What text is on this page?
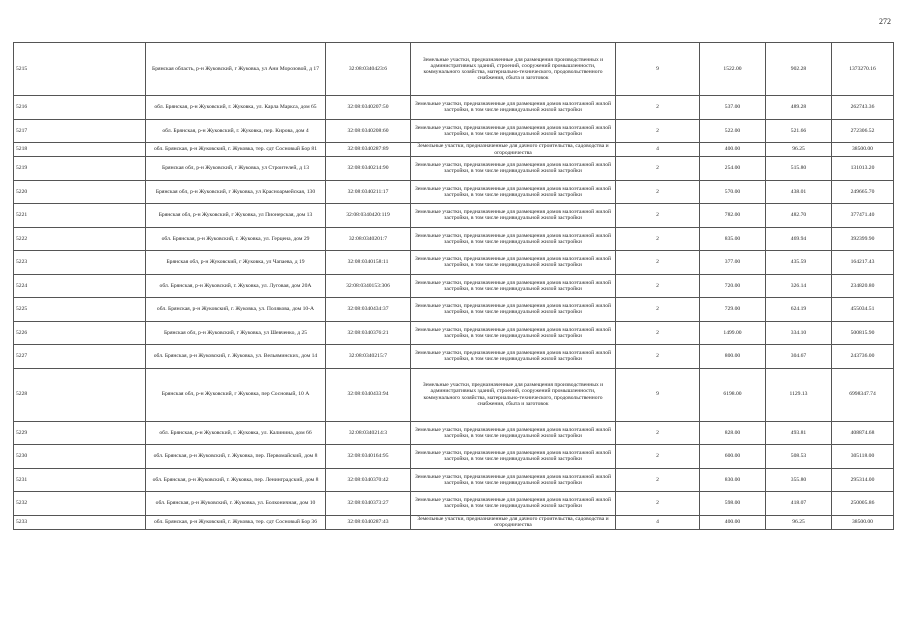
272
5215	Брянская область, р-н Жуковский, г Жуковка, ул Ани Морозовой, д 17	32:08:0340423:6	Земельные участки, предназначенные для размещения производственных и административных зданий, строений, сооружений промышленности, коммунального хозяйства, материально-технического, продовольственного снабжения, сбыта и заготовок	9	1522.00	902.28	1373270.16
5216	обл. Брянская, р-н Жуковский, г. Жуковка, ул. Карла Маркса, дом 65	32:08:0340207:50	Земельные участки, предназначенные для размещения домов малоэтажной жилой застройки, в том числе индивидуальной жилой застройки	2	537.00	489.28	262743.36
5217	обл. Брянская, р-н Жуковский, г. Жуковка, пер. Кирова, дом 4	32:08:0340208:60	Земельные участки, предназначенные для размещения домов малоэтажной жилой застройки, в том числе индивидуальной жилой застройки	2	522.00	521.66	272306.52
5218	обл. Брянская, р-н Жуковский, г. Жуковка, тер. сдт Сосновый Бор 81	32:08:0340287:89	Земельные участки, предназначенные для дачного строительства, садоводства и огородничества	4	400.00	96.25	38500.00
5219	Брянская обл, р-н Жуковский, г Жуковка, ул Строителей, д 13	32:08:0340214:90	Земельные участки, предназначенные для размещения домов малоэтажной жилой застройки, в том числе индивидуальной жилой застройки	2	254.00	515.80	131013.20
5220	Брянская обл, р-н Жуковский, г Жуковка, ул Красноармейская, 130	32:08:0340211:17	Земельные участки, предназначенные для размещения домов малоэтажной жилой застройки, в том числе индивидуальной жилой застройки	2	570.00	438.01	249665.70
5221	Брянская обл, р-н Жуковский, г Жуковка, ул Пионерская, дом 13	32:08:0340420:119	Земельные участки, предназначенные для размещения домов малоэтажной жилой застройки, в том числе индивидуальной жилой застройки	2	782.00	482.70	377471.40
5222	обл. Брянская, р-н Жуковский, г. Жуковка, ул. Герцена, дом 29	32:08:0340201:7	Земельные участки, предназначенные для размещения домов малоэтажной жилой застройки, в том числе индивидуальной жилой застройки	2	835.00	469.94	392399.90
5223	Брянская обл, р-н Жуковский, г Жуковка, ул Чапаева, д 19	32:08:0340158:11	Земельные участки, предназначенные для размещения домов малоэтажной жилой застройки, в том числе индивидуальной жилой застройки	2	377.00	435.59	164217.43
5224	обл. Брянская, р-н Жуковский, г. Жуковка, ул. Луговая, дом 20А	32:08:0340153:306	Земельные участки, предназначенные для размещения домов малоэтажной жилой застройки, в том числе индивидуальной жилой застройки	2	720.00	326.14	234820.80
5225	обл. Брянская, р-н Жуковский, г. Жуковка, ул. Полякова, дом 10-А	32:08:0340434:37	Земельные участки, предназначенные для размещения домов малоэтажной жилой застройки, в том числе индивидуальной жилой застройки	2	729.00	624.19	455034.51
5226	Брянская обл, р-н Жуковский, г Жуковка, ул Шевченко, д 25	32:08:0340376:21	Земельные участки, предназначенные для размещения домов малоэтажной жилой застройки, в том числе индивидуальной жилой застройки	2	1499.00	334.10	500815.90
5227	обл. Брянская, р-н Жуковский, г. Жуковка, ул. Вельяминских, дом 14	32:08:0340215:7	Земельные участки, предназначенные для размещения домов малоэтажной жилой застройки, в том числе индивидуальной жилой застройки	2	800.00	304.67	243736.00
5228	Брянская обл, р-н Жуковский, г Жуковка, пер Сосновый, 10 А	32:08:0340433:94	Земельные участки, предназначенные для размещения производственных и административных зданий, строений, сооружений промышленности, коммунального хозяйства, материально-технического, продовольственного снабжения, сбыта и заготовок	9	6198.00	1129.13	6998347.74
5229	обл. Брянская, р-н Жуковский, г. Жуковка, ул. Калинина, дом 66	32:08:0340214:3	Земельные участки, предназначенные для размещения домов малоэтажной жилой застройки, в том числе индивидуальной жилой застройки	2	828.00	493.81	408874.68
5230	обл. Брянская, р-н Жуковский, г. Жуковка, пер. Первомайский, дом 8	32:08:0340164:95	Земельные участки, предназначенные для размещения домов малоэтажной жилой застройки, в том числе индивидуальной жилой застройки	2	600.00	508.53	305118.00
5231	обл. Брянская, р-н Жуковский, г. Жуковка, пер. Ленинградский, дом 8	32:08:0340370:42	Земельные участки, предназначенные для размещения домов малоэтажной жилой застройки, в том числе индивидуальной жилой застройки	2	830.00	355.80	295314.00
5232	обл. Брянская, р-н Жуковский, г. Жуковка, ул. Болконичная, дом 10	32:08:0340373:27	Земельные участки, предназначенные для размещения домов малоэтажной жилой застройки, в том числе индивидуальной жилой застройки	2	598.00	418.07	250005.86
5233	обл. Брянская, р-н Жуковский, г. Жуковка, тер. сдт Сосновый Бор 36	32:08:0340287:43	Земельные участки, предназначенные для дачного строительства, садоводства и огородничества	4	400.00	96.25	38500.00
